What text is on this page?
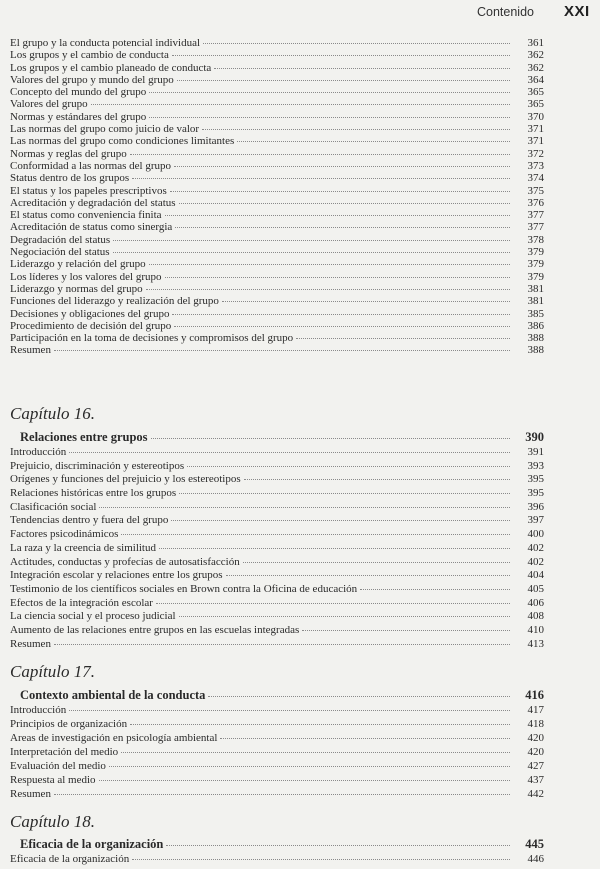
Contenido XXI
El grupo y la conducta potencial individual	361
Los grupos y el cambio de conducta	362
Los grupos y el cambio planeado de conducta	362
Valores del grupo y mundo del grupo	364
Concepto del mundo del grupo	365
Valores del grupo	365
Normas y estándares del grupo	370
Las normas del grupo como juicio de valor	371
Las normas del grupo como condiciones limitantes	371
Normas y reglas del grupo	372
Conformidad a las normas del grupo	373
Status dentro de los grupos	374
El status y los papeles prescriptivos	375
Acreditación y degradación del status	376
El status como conveniencia finita	377
Acreditación de status como sinergia	377
Degradación del status	378
Negociación del status	379
Liderazgo y relación del grupo	379
Los líderes y los valores del grupo	379
Liderazgo y normas del grupo	381
Funciones del liderazgo y realización del grupo	381
Decisiones y obligaciones del grupo	385
Procedimiento de decisión del grupo	386
Participación en la toma de decisiones y compromisos del grupo	388
Resumen	388
Capítulo 16.
Relaciones entre grupos	390
Introducción	391
Prejuicio, discriminación y estereotipos	393
Orígenes y funciones del prejuicio y los estereotipos	395
Relaciones históricas entre los grupos	395
Clasificación social	396
Tendencias dentro y fuera del grupo	397
Factores psicodinámicos	400
La raza y la creencia de similitud	402
Actitudes, conductas y profecías de autosatisfacción	402
Integración escolar y relaciones entre los grupos	404
Testimonio de los científicos sociales en Brown contra la Oficina de educación	405
Efectos de la integración escolar	406
La ciencia social y el proceso judicial	408
Aumento de las relaciones entre grupos en las escuelas integradas	410
Resumen	413
Capítulo 17.
Contexto ambiental de la conducta	416
Introducción	417
Principios de organización	418
Areas de investigación en psicología ambiental	420
Interpretación del medio	420
Evaluación del medio	427
Respuesta al medio	437
Resumen	442
Capítulo 18.
Eficacia de la organización	445
Eficacia de la organización	446
